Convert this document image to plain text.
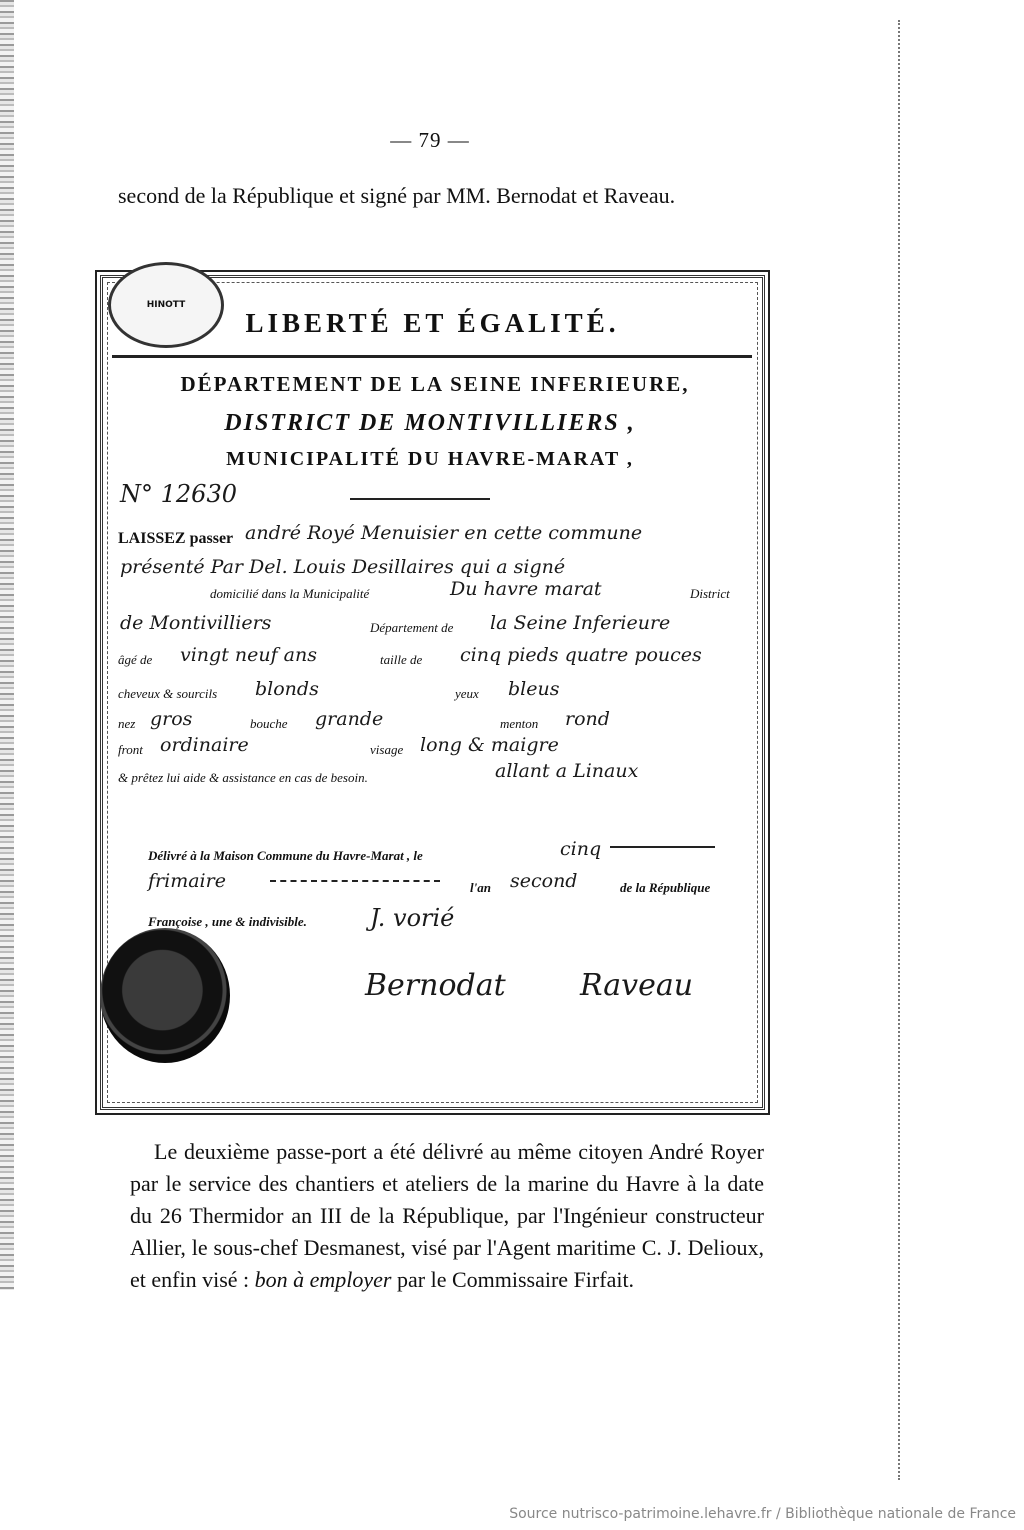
— 79 —
second de la République et signé par MM. Bernodat et Raveau.
HINOTT
LIBERTÉ ET ÉGALITÉ.
DÉPARTEMENT DE LA SEINE INFERIEURE,
DISTRICT DE MONTIVILLIERS ,
MUNICIPALITÉ DU HAVRE-MARAT ,
N° 12630
LAISSEZ passer andré Royé Menuisier en cette commune
présenté Par Del. Louis Desillaires qui a signé
domicilié dans la Municipalité	Du havre marat	District
de Montivilliers	Département de la Seine Inferieure
âgé de vingt neuf ans	taille de cinq pieds quatre pouces
cheveux & sourcils blonds	yeux bleus
nez gros	bouche grande	menton rond
front ordinaire	visage long & maigre
& prêtez lui aide & assistance en cas de besoin.	allant a Linaux
Délivré à la Maison Commune du Havre-Marat , le	cinq
frimaire	l'an second	de la République
Françoise , une & indivisible.	J. vorié
Bernodat Raveau

Le deuxième passe-port a été délivré au même citoyen André Royer par le service des chantiers et ateliers de la marine du Havre à la date du 26 Thermidor an III de la République, par l'Ingénieur constructeur Allier, le sous-chef Desmanest, visé par l'Agent maritime C. J. Delioux, et enfin visé : bon à employer par le Commissaire Firfait.

Source nutrisco-patrimoine.lehavre.fr / Bibliothèque nationale de France
